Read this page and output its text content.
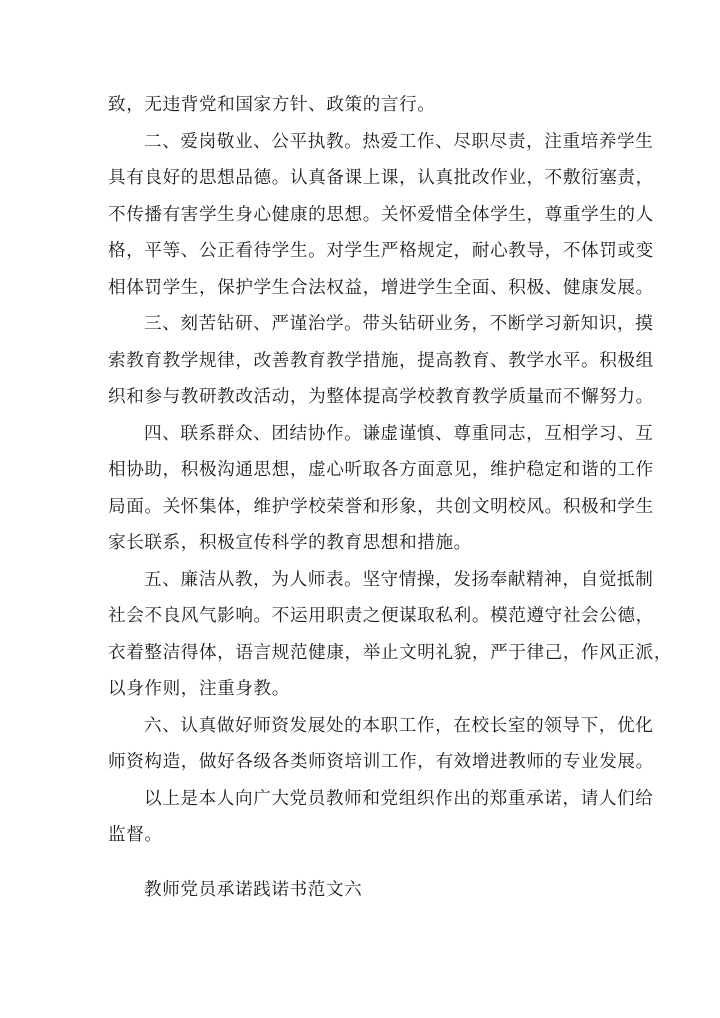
致，无违背党和国家方针、政策的言行。
二、爱岗敬业、公平执教。热爱工作、尽职尽责，注重培养学生
具有良好的思想品德。认真备课上课，认真批改作业，不敷衍塞责，
不传播有害学生身心健康的思想。关怀爱惜全体学生，尊重学生的人
格，平等、公正看待学生。对学生严格规定，耐心教导，不体罚或变
相体罚学生，保护学生合法权益，增进学生全面、积极、健康发展。
三、刻苦钻研、严谨治学。带头钻研业务，不断学习新知识，摸
索教育教学规律，改善教育教学措施，提高教育、教学水平。积极组
织和参与教研教改活动，为整体提高学校教育教学质量而不懈努力。
四、联系群众、团结协作。谦虚谨慎、尊重同志，互相学习、互
相协助，积极沟通思想，虚心听取各方面意见，维护稳定和谐的工作
局面。关怀集体，维护学校荣誉和形象，共创文明校风。积极和学生
家长联系，积极宣传科学的教育思想和措施。
五、廉洁从教，为人师表。坚守情操，发扬奉献精神，自觉抵制
社会不良风气影响。不运用职责之便谋取私利。模范遵守社会公德，
衣着整洁得体，语言规范健康，举止文明礼貌，严于律己，作风正派，
以身作则，注重身教。
六、认真做好师资发展处的本职工作，在校长室的领导下，优化
师资构造，做好各级各类师资培训工作，有效增进教师的专业发展。
以上是本人向广大党员教师和党组织作出的郑重承诺，请人们给
监督。
教师党员承诺践诺书范文六
